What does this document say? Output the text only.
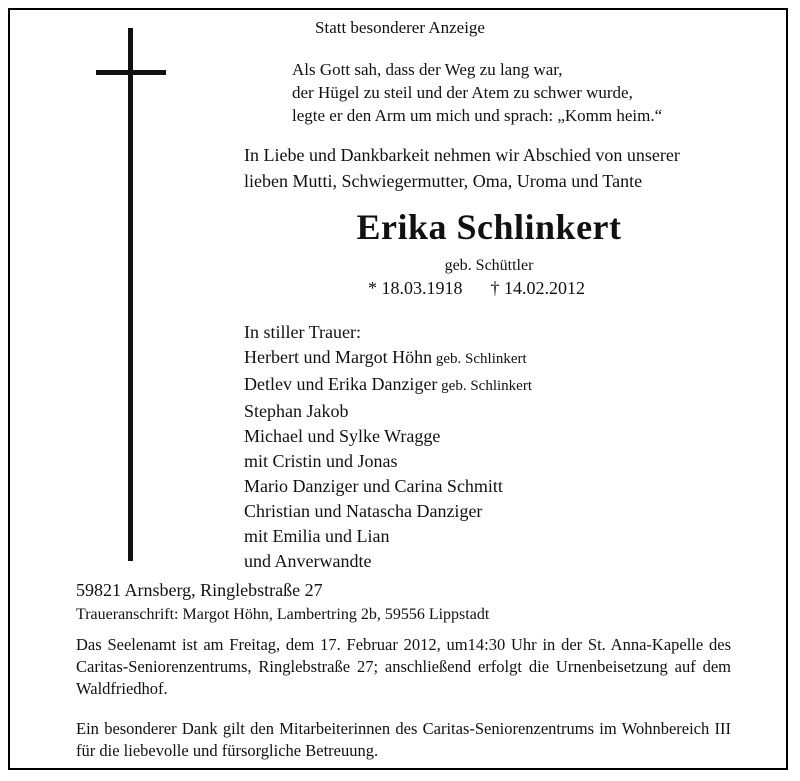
Statt besonderer Anzeige
Als Gott sah, dass der Weg zu lang war,
der Hügel zu steil und der Atem zu schwer wurde,
legte er den Arm um mich und sprach: „Komm heim.“
In Liebe und Dankbarkeit nehmen wir Abschied von unserer
lieben Mutti, Schwiegermutter, Oma, Uroma und Tante
Erika Schlinkert
geb. Schüttler
* 18.03.1918 † 14.02.2012
In stiller Trauer:
Herbert und Margot Höhn geb. Schlinkert
Detlev und Erika Danziger geb. Schlinkert
Stephan Jakob
Michael und Sylke Wragge
mit Cristin und Jonas
Mario Danziger und Carina Schmitt
Christian und Natascha Danziger
mit Emilia und Lian
und Anverwandte
59821 Arnsberg, Ringlebstraße 27
Traueranschrift: Margot Höhn, Lambertring 2b, 59556 Lippstadt
Das Seelenamt ist am Freitag, dem 17. Februar 2012, um14:30 Uhr in der St. Anna-Kapelle des Caritas-Seniorenzentrums, Ringlebstraße 27; anschließend erfolgt die Urnenbeisetzung auf dem Waldfriedhof.
Ein besonderer Dank gilt den Mitarbeiterinnen des Caritas-Seniorenzentrums im Wohnbereich III für die liebevolle und fürsorgliche Betreuung.
